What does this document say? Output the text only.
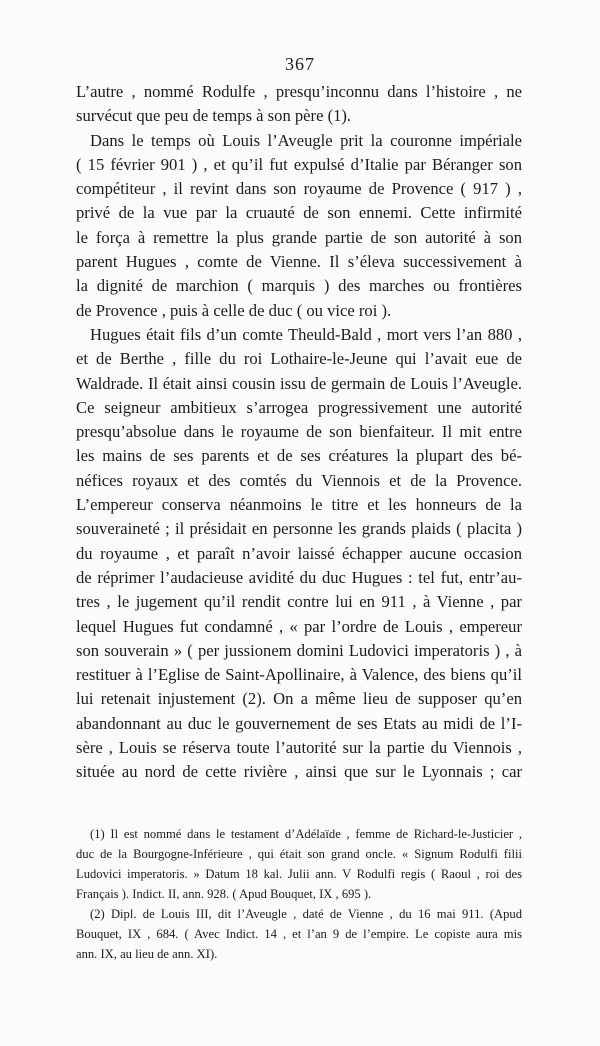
367
L’autre , nommé Rodulfe , presqu’inconnu dans l’histoire , ne
survécut que peu de temps à son père (1).
Dans le temps où Louis l’Aveugle prit la couronne impériale
( 15 février 901 ) , et qu’il fut expulsé d’Italie par Béranger son
compétiteur , il revint dans son royaume de Provence ( 917 ) ,
privé de la vue par la cruauté de son ennemi. Cette infirmité
le força à remettre la plus grande partie de son autorité à son
parent Hugues , comte de Vienne. Il s’éleva successivement à
la dignité de marchion ( marquis ) des marches ou frontières
de Provence , puis à celle de duc ( ou vice roi ).
Hugues était fils d’un comte Theuld-Bald , mort vers l’an 880 ,
et de Berthe , fille du roi Lothaire-le-Jeune qui l’avait eue de
Waldrade. Il était ainsi cousin issu de germain de Louis l’Aveugle.
Ce seigneur ambitieux s’arrogea progressivement une autorité
presqu’absolue dans le royaume de son bienfaiteur. Il mit entre
les mains de ses parents et de ses créatures la plupart des bé-
néfices royaux et des comtés du Viennois et de la Provence.
L’empereur conserva néanmoins le titre et les honneurs de la
souveraineté ; il présidait en personne les grands plaids ( placita )
du royaume , et paraît n’avoir laissé échapper aucune occasion
de réprimer l’audacieuse avidité du duc Hugues : tel fut, entr’au-
tres , le jugement qu’il rendit contre lui en 911 , à Vienne , par
lequel Hugues fut condamné , « par l’ordre de Louis , empereur
son souverain » ( per jussionem domini Ludovici imperatoris ) , à
restituer à l’Eglise de Saint-Apollinaire, à Valence, des biens qu’il
lui retenait injustement (2). On a même lieu de supposer qu’en
abandonnant au duc le gouvernement de ses Etats au midi de l’I-
sère , Louis se réserva toute l’autorité sur la partie du Viennois ,
située au nord de cette rivière , ainsi que sur le Lyonnais ; car
(1) Il est nommé dans le testament d’Adélaïde , femme de Richard-le-Justicier ,
duc de la Bourgogne-Inférieure , qui était son grand oncle. « Signum Rodulfi filii
Ludovici imperatoris. » Datum 18 kal. Julii ann. V Rodulfi regis ( Raoul , roi des
Français ). Indict. II, ann. 928. ( Apud Bouquet, IX , 695 ).
(2) Dipl. de Louis III, dit l’Aveugle , daté de Vienne , du 16 mai 911. (Apud
Bouquet, IX , 684. ( Avec Indict. 14 , et l’an 9 de l’empire. Le copiste aura mis
ann. IX, au lieu de ann. XI).
